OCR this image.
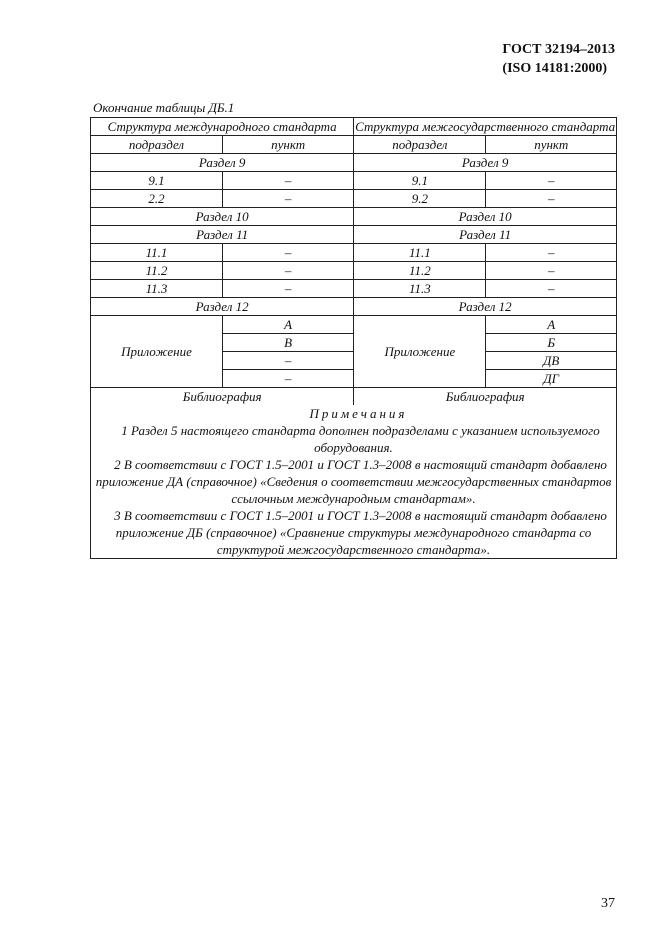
ГОСТ 32194–2013
(ISO 14181:2000)
Окончание таблицы ДБ.1
Структура международного стандарта		Структура межгосударственного стандарта	
подраздел	пункт	подраздел	пункт
Раздел 9		Раздел 9	
9.1	–	9.1	–
2.2	–	9.2	–
Раздел 10		Раздел 10	
Раздел 11		Раздел 11	
11.1	–	11.1	–
11.2	–	11.2	–
11.3	–	11.3	–
Раздел 12		Раздел 12	
Приложение	А	Приложение	А
	В		Б
	–		ДВ
	–		ДГ
Библиография		Библиография	

Примечания

1 Раздел 5 настоящего стандарта дополнен подразделами с указанием используемого оборудования.

2 В соответствии с ГОСТ 1.5–2001 и ГОСТ 1.3–2008 в настоящий стандарт добавлено приложение ДА (справочное) «Сведения о соответствии межгосударственных стандартов ссылочным международным стандартам».

3 В соответствии с ГОСТ 1.5–2001 и ГОСТ 1.3–2008 в настоящий стандарт добавлено приложение ДБ (справочное) «Сравнение структуры международного стандарта со структурой межгосударственного стандарта».			

37
